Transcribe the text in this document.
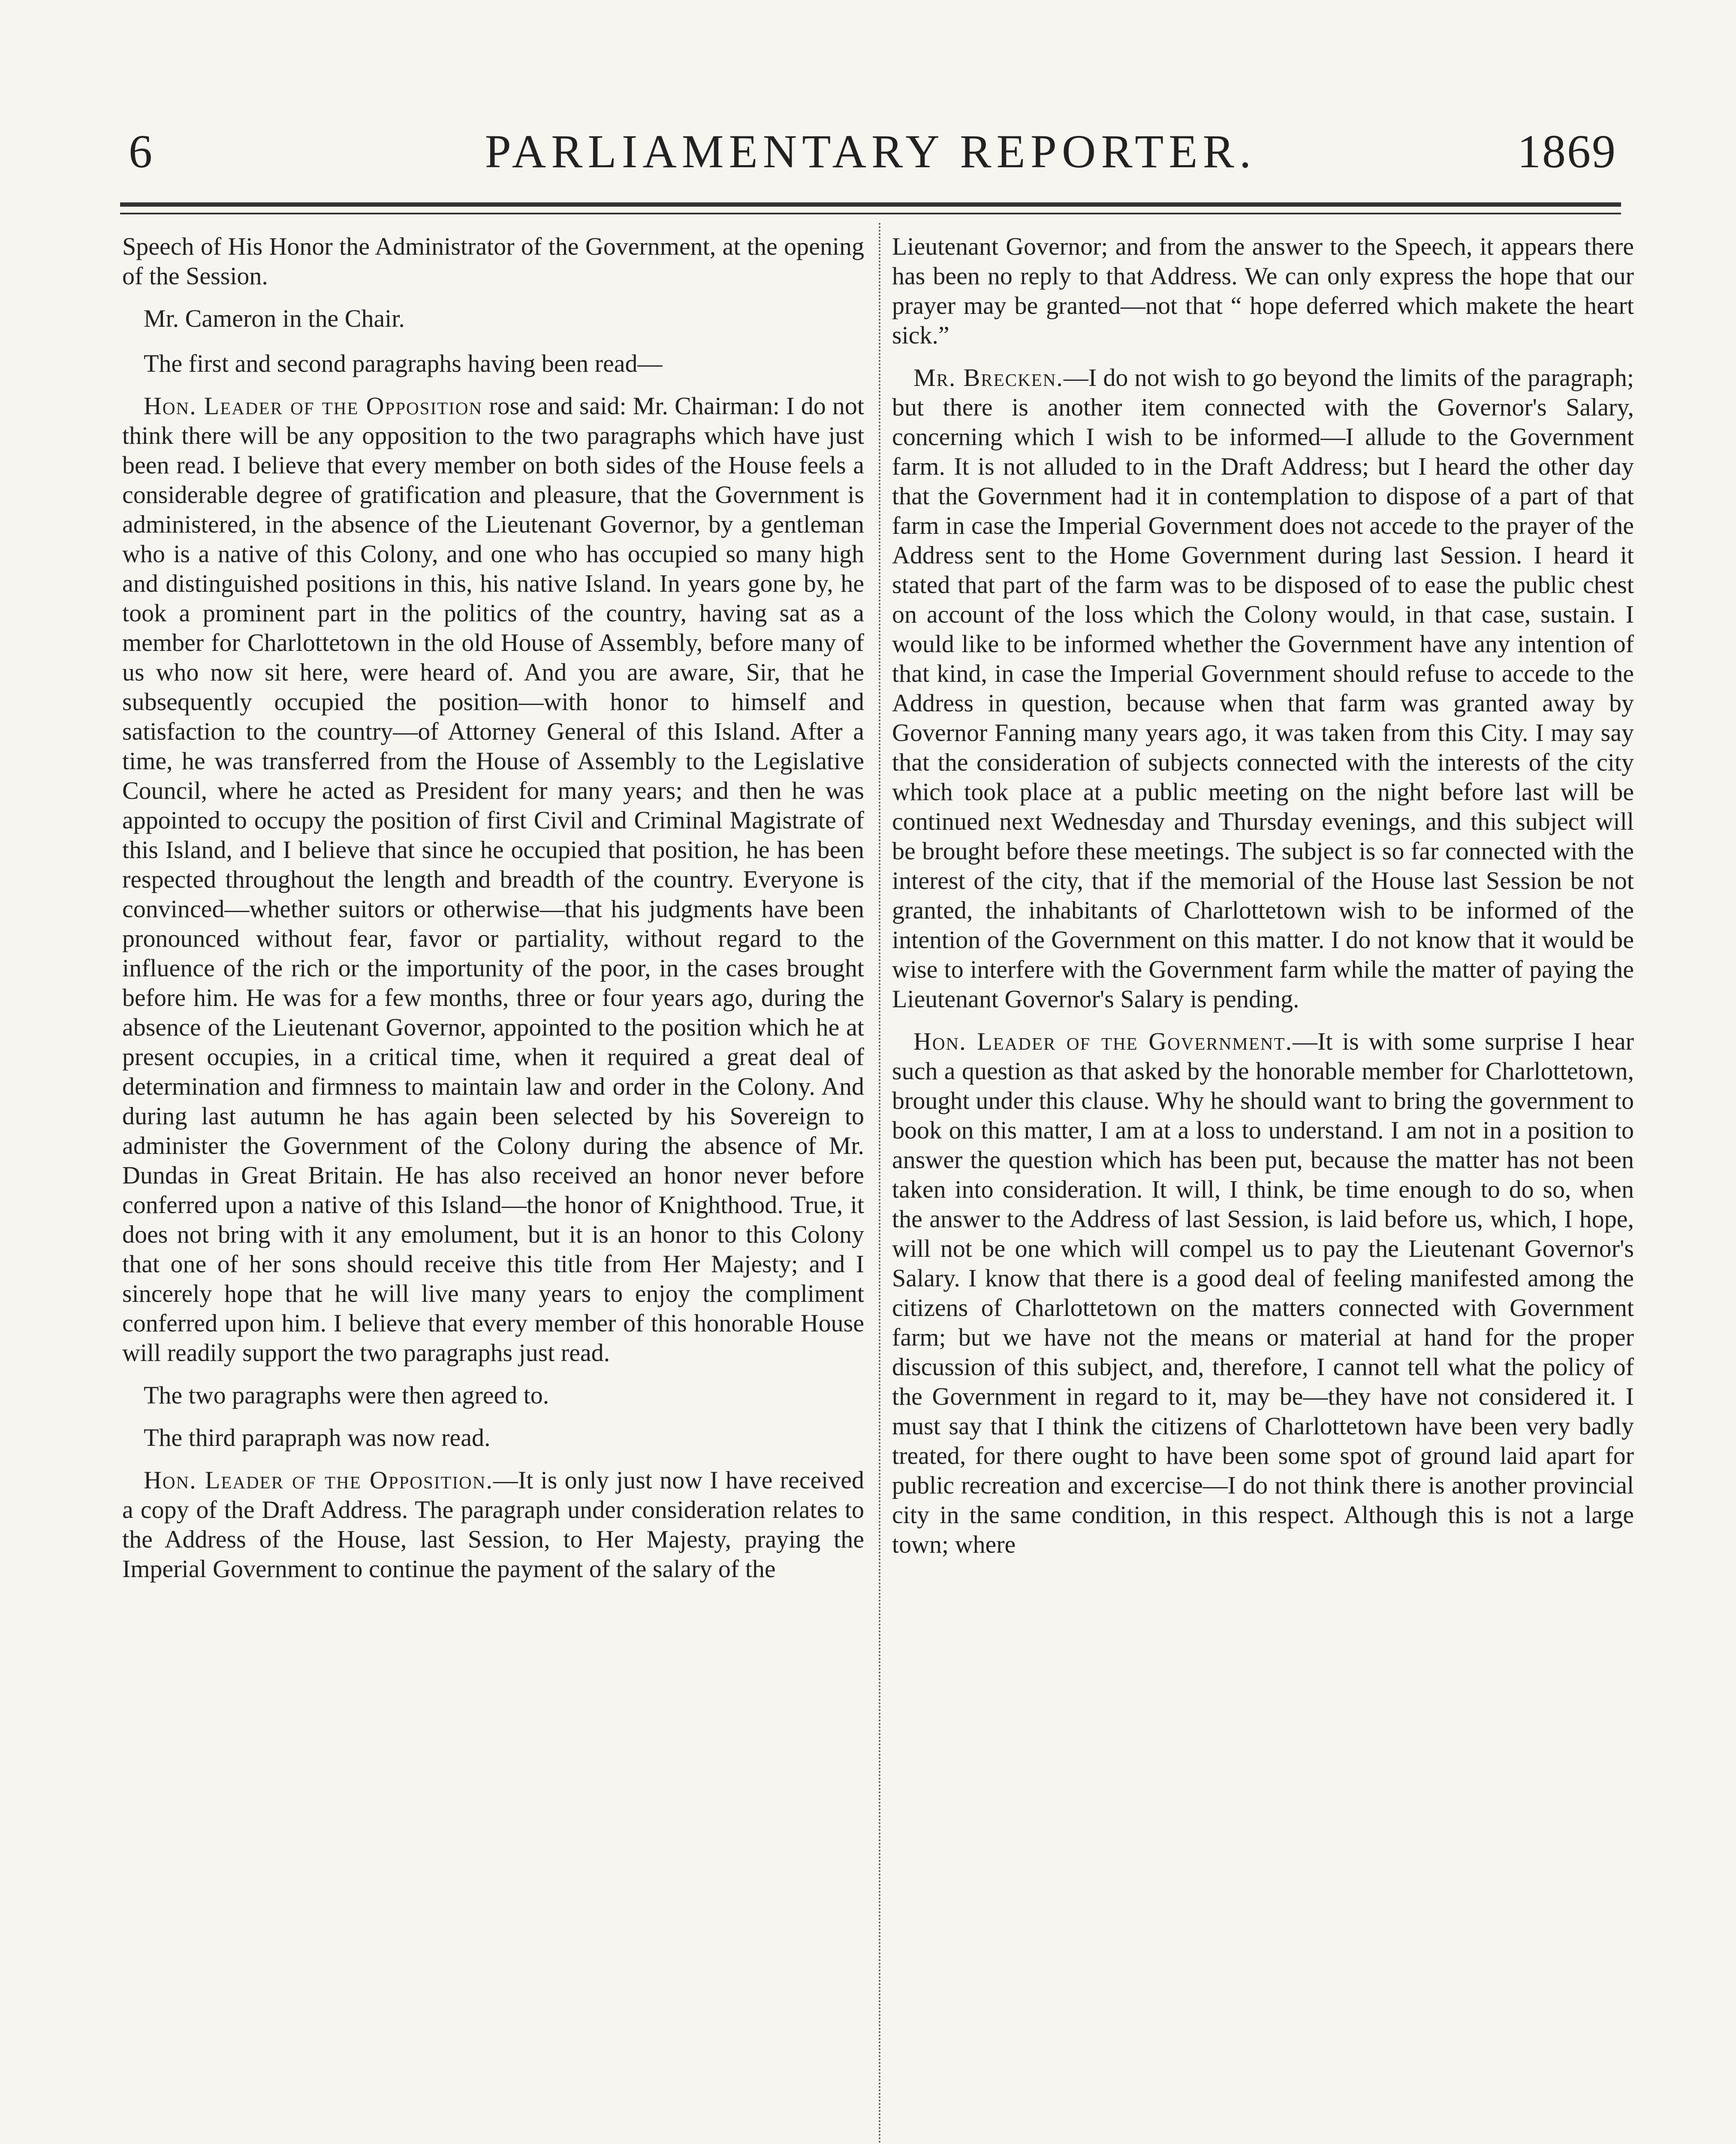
6	PARLIAMENTARY REPORTER.	1869

Speech of His Honor the Administrator of the Government, at the opening of the Session.

Mr. Cameron in the Chair.

The first and second paragraphs having been read—

Hon. Leader of the Opposition rose and said: Mr. Chairman: I do not think there will be any opposition to the two paragraphs which have just been read. I believe that every member on both sides of the House feels a considerable degree of gratification and pleasure, that the Government is administered, in the absence of the Lieutenant Governor, by a gentleman who is a native of this Colony, and one who has occupied so many high and distinguished positions in this, his native Island. In years gone by, he took a prominent part in the politics of the country, having sat as a member for Charlottetown in the old House of Assembly, before many of us who now sit here, were heard of. And you are aware, Sir, that he subsequently occupied the position—with honor to himself and satisfaction to the country—of Attorney General of this Island. After a time, he was transferred from the House of Assembly to the Legislative Council, where he acted as President for many years; and then he was appointed to occupy the position of first Civil and Criminal Magistrate of this Island, and I believe that since he occupied that position, he has been respected throughout the length and breadth of the country. Everyone is convinced—whether suitors or otherwise—that his judgments have been pronounced without fear, favor or partiality, without regard to the influence of the rich or the importunity of the poor, in the cases brought before him. He was for a few months, three or four years ago, during the absence of the Lieutenant Governor, appointed to the position which he at present occupies, in a critical time, when it required a great deal of determination and firmness to maintain law and order in the Colony. And during last autumn he has again been selected by his Sovereign to administer the Government of the Colony during the absence of Mr. Dundas in Great Britain. He has also received an honor never before conferred upon a native of this Island—the honor of Knighthood. True, it does not bring with it any emolument, but it is an honor to this Colony that one of her sons should receive this title from Her Majesty; and I sincerely hope that he will live many years to enjoy the compliment conferred upon him. I believe that every member of this honorable House will readily support the two paragraphs just read.

The two paragraphs were then agreed to.

The third parapraph was now read.

Hon. Leader of the Opposition.—It is only just now I have received a copy of the Draft Address. The paragraph under consideration relates to the Address of the House, last Session, to Her Majesty, praying the Imperial Government to continue the payment of the salary of the

Lieutenant Governor; and from the answer to the Speech, it appears there has been no reply to that Address. We can only express the hope that our prayer may be granted—not that “ hope deferred which makete the heart sick.”

Mr. Brecken.—I do not wish to go beyond the limits of the paragraph; but there is another item connected with the Governor's Salary, concerning which I wish to be informed—I allude to the Government farm. It is not alluded to in the Draft Address; but I heard the other day that the Government had it in contemplation to dispose of a part of that farm in case the Imperial Government does not accede to the prayer of the Address sent to the Home Government during last Session. I heard it stated that part of the farm was to be disposed of to ease the public chest on account of the loss which the Colony would, in that case, sustain. I would like to be informed whether the Government have any intention of that kind, in case the Imperial Government should refuse to accede to the Address in question, because when that farm was granted away by Governor Fanning many years ago, it was taken from this City. I may say that the consideration of subjects connected with the interests of the city which took place at a public meeting on the night before last will be continued next Wednesday and Thursday evenings, and this subject will be brought before these meetings. The subject is so far connected with the interest of the city, that if the memorial of the House last Session be not granted, the inhabitants of Charlottetown wish to be informed of the intention of the Government on this matter. I do not know that it would be wise to interfere with the Government farm while the matter of paying the Lieutenant Governor's Salary is pending.

Hon. Leader of the Government.—It is with some surprise I hear such a question as that asked by the honorable member for Charlottetown, brought under this clause. Why he should want to bring the government to book on this matter, I am at a loss to understand. I am not in a position to answer the question which has been put, because the matter has not been taken into consideration. It will, I think, be time enough to do so, when the answer to the Address of last Session, is laid before us, which, I hope, will not be one which will compel us to pay the Lieutenant Governor's Salary. I know that there is a good deal of feeling manifested among the citizens of Charlottetown on the matters connected with Government farm; but we have not the means or material at hand for the proper discussion of this subject, and, therefore, I cannot tell what the policy of the Government in regard to it, may be—they have not considered it. I must say that I think the citizens of Charlottetown have been very badly treated, for there ought to have been some spot of ground laid apart for public recreation and excercise—I do not think there is another provincial city in the same condition, in this respect. Although this is not a large town; where
